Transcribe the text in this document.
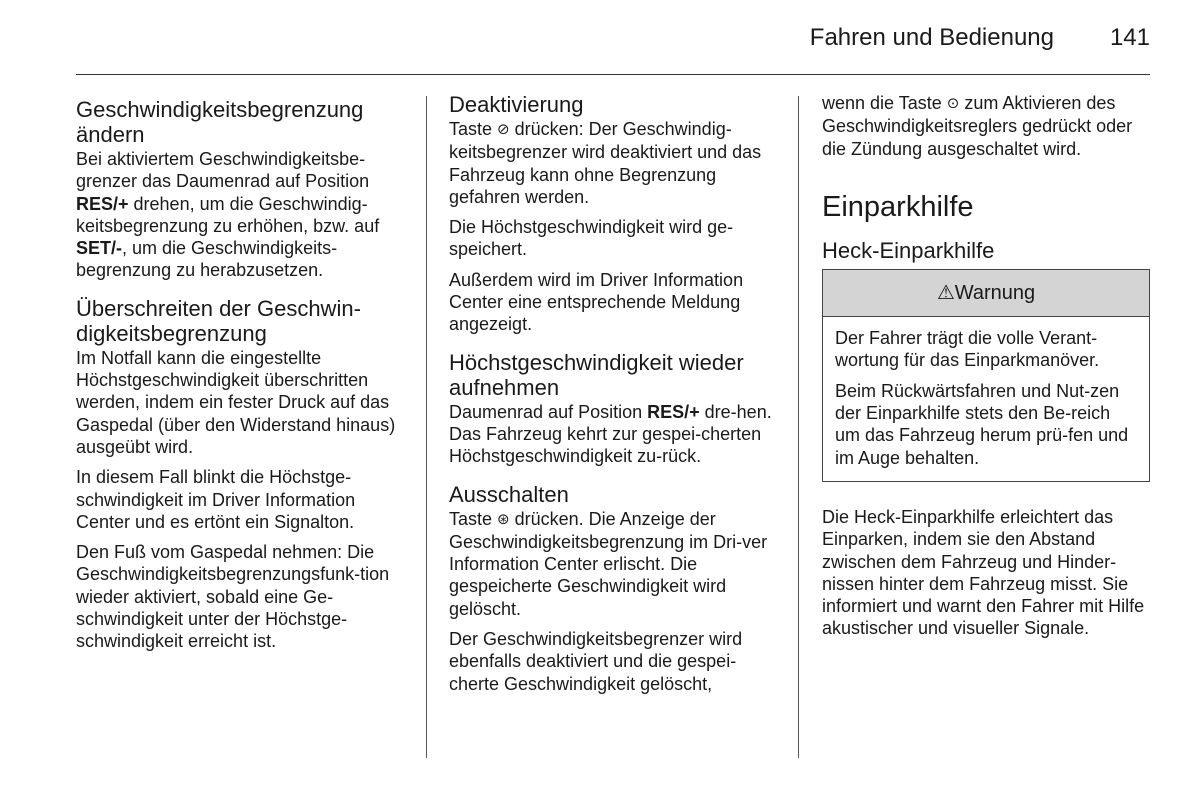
Fahren und Bedienung 141
Geschwindigkeitsbegrenzung ändern

Bei aktiviertem Geschwindigkeitsbe-grenzer das Daumenrad auf Position RES/+ drehen, um die Geschwindig-keitsbegrenzung zu erhöhen, bzw. auf SET/-, um die Geschwindigkeits-begrenzung zu herabzusetzen.

Überschreiten der Geschwin-digkeitsbegrenzung

Im Notfall kann die eingestellte Höchstgeschwindigkeit überschritten werden, indem ein fester Druck auf das Gaspedal (über den Widerstand hinaus) ausgeübt wird.

In diesem Fall blinkt die Höchstge-schwindigkeit im Driver Information Center und es ertönt ein Signalton.

Den Fuß vom Gaspedal nehmen: Die Geschwindigkeitsbegrenzungsfunk-tion wieder aktiviert, sobald eine Ge-schwindigkeit unter der Höchstge-schwindigkeit erreicht ist.

Deaktivierung

Taste ⊘ drücken: Der Geschwindig-keitsbegrenzer wird deaktiviert und das Fahrzeug kann ohne Begrenzung gefahren werden.

Die Höchstgeschwindigkeit wird ge-speichert.

Außerdem wird im Driver Information Center eine entsprechende Meldung angezeigt.

Höchstgeschwindigkeit wieder aufnehmen

Daumenrad auf Position RES/+ dre-hen. Das Fahrzeug kehrt zur gespei-cherten Höchstgeschwindigkeit zu-rück.

Ausschalten

Taste ⊛ drücken. Die Anzeige der Geschwindigkeitsbegrenzung im Dri-ver Information Center erlischt. Die gespeicherte Geschwindigkeit wird gelöscht.

Der Geschwindigkeitsbegrenzer wird ebenfalls deaktiviert und die gespei-cherte Geschwindigkeit gelöscht,

wenn die Taste ⊙ zum Aktivieren des Geschwindigkeitsreglers gedrückt oder die Zündung ausgeschaltet wird.

Einparkhilfe
Heck-Einparkhilfe
⚠Warnung

Der Fahrer trägt die volle Verant-wortung für das Einparkmanöver.

Beim Rückwärtsfahren und Nut-zen der Einparkhilfe stets den Be-reich um das Fahrzeug herum prü-fen und im Auge behalten.

Die Heck-Einparkhilfe erleichtert das Einparken, indem sie den Abstand zwischen dem Fahrzeug und Hinder-nissen hinter dem Fahrzeug misst. Sie informiert und warnt den Fahrer mit Hilfe akustischer und visueller Signale.
